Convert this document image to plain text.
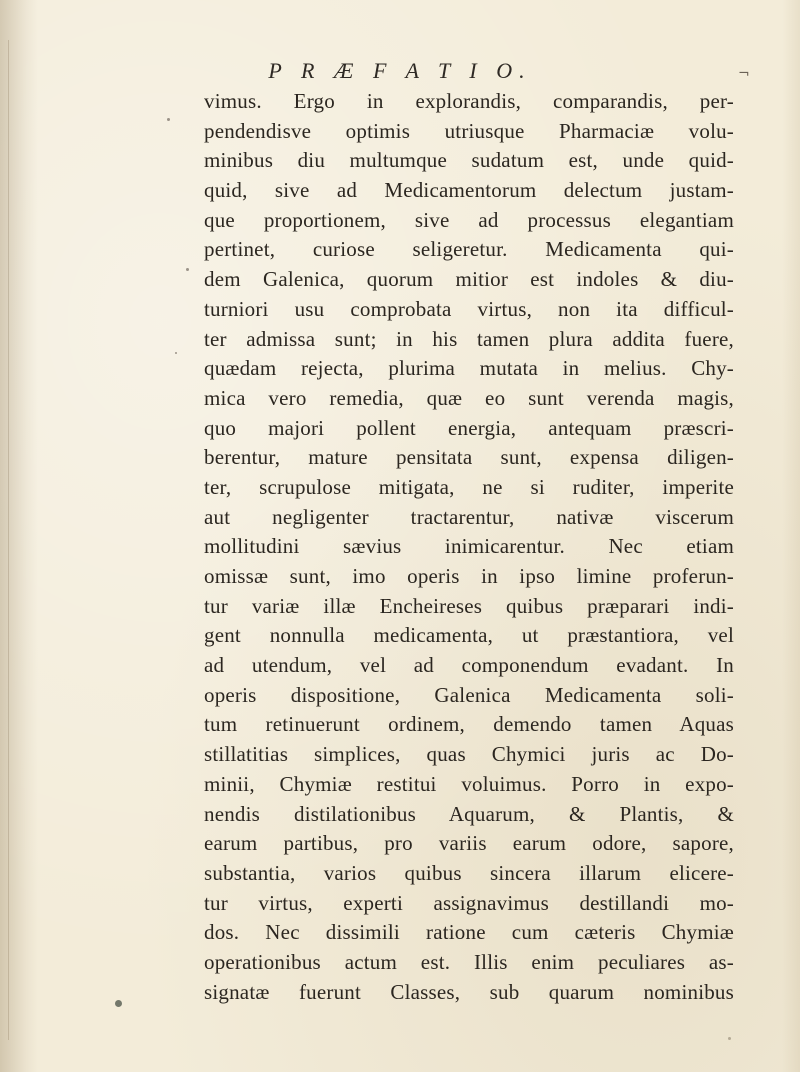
P R Æ F A T I O.	¬
vimus. Ergo in explorandis, comparandis, per-
pendendisve optimis utriusque Pharmaciæ volu-
minibus diu multumque sudatum est, unde quid-
quid, sive ad Medicamentorum delectum justam-
que proportionem, sive ad processus elegantiam
pertinet, curiose seligeretur. Medicamenta qui-
dem Galenica, quorum mitior est indoles & diu-
turniori usu comprobata virtus, non ita difficul-
ter admissa sunt; in his tamen plura addita fuere,
quædam rejecta, plurima mutata in melius. Chy-
mica vero remedia, quæ eo sunt verenda magis,
quo majori pollent energia, antequam præscri-
berentur, mature pensitata sunt, expensa diligen-
ter, scrupulose mitigata, ne si ruditer, imperite
aut negligenter tractarentur, nativæ viscerum
mollitudini sævius inimicarentur. Nec etiam
omissæ sunt, imo operis in ipso limine proferun-
tur variæ illæ Encheireses quibus præparari indi-
gent nonnulla medicamenta, ut præstantiora, vel
ad utendum, vel ad componendum evadant. In
operis dispositione, Galenica Medicamenta soli-
tum retinuerunt ordinem, demendo tamen Aquas
stillatitias simplices, quas Chymici juris ac Do-
minii, Chymiæ restitui voluimus. Porro in expo-
nendis distilationibus Aquarum, & Plantis, &
earum partibus, pro variis earum odore, sapore,
substantia, varios quibus sincera illarum elicere-
tur virtus, experti assignavimus destillandi mo-
dos. Nec dissimili ratione cum cæteris Chymiæ
operationibus actum est. Illis enim peculiares as-
signatæ fuerunt Classes, sub quarum nominibus
